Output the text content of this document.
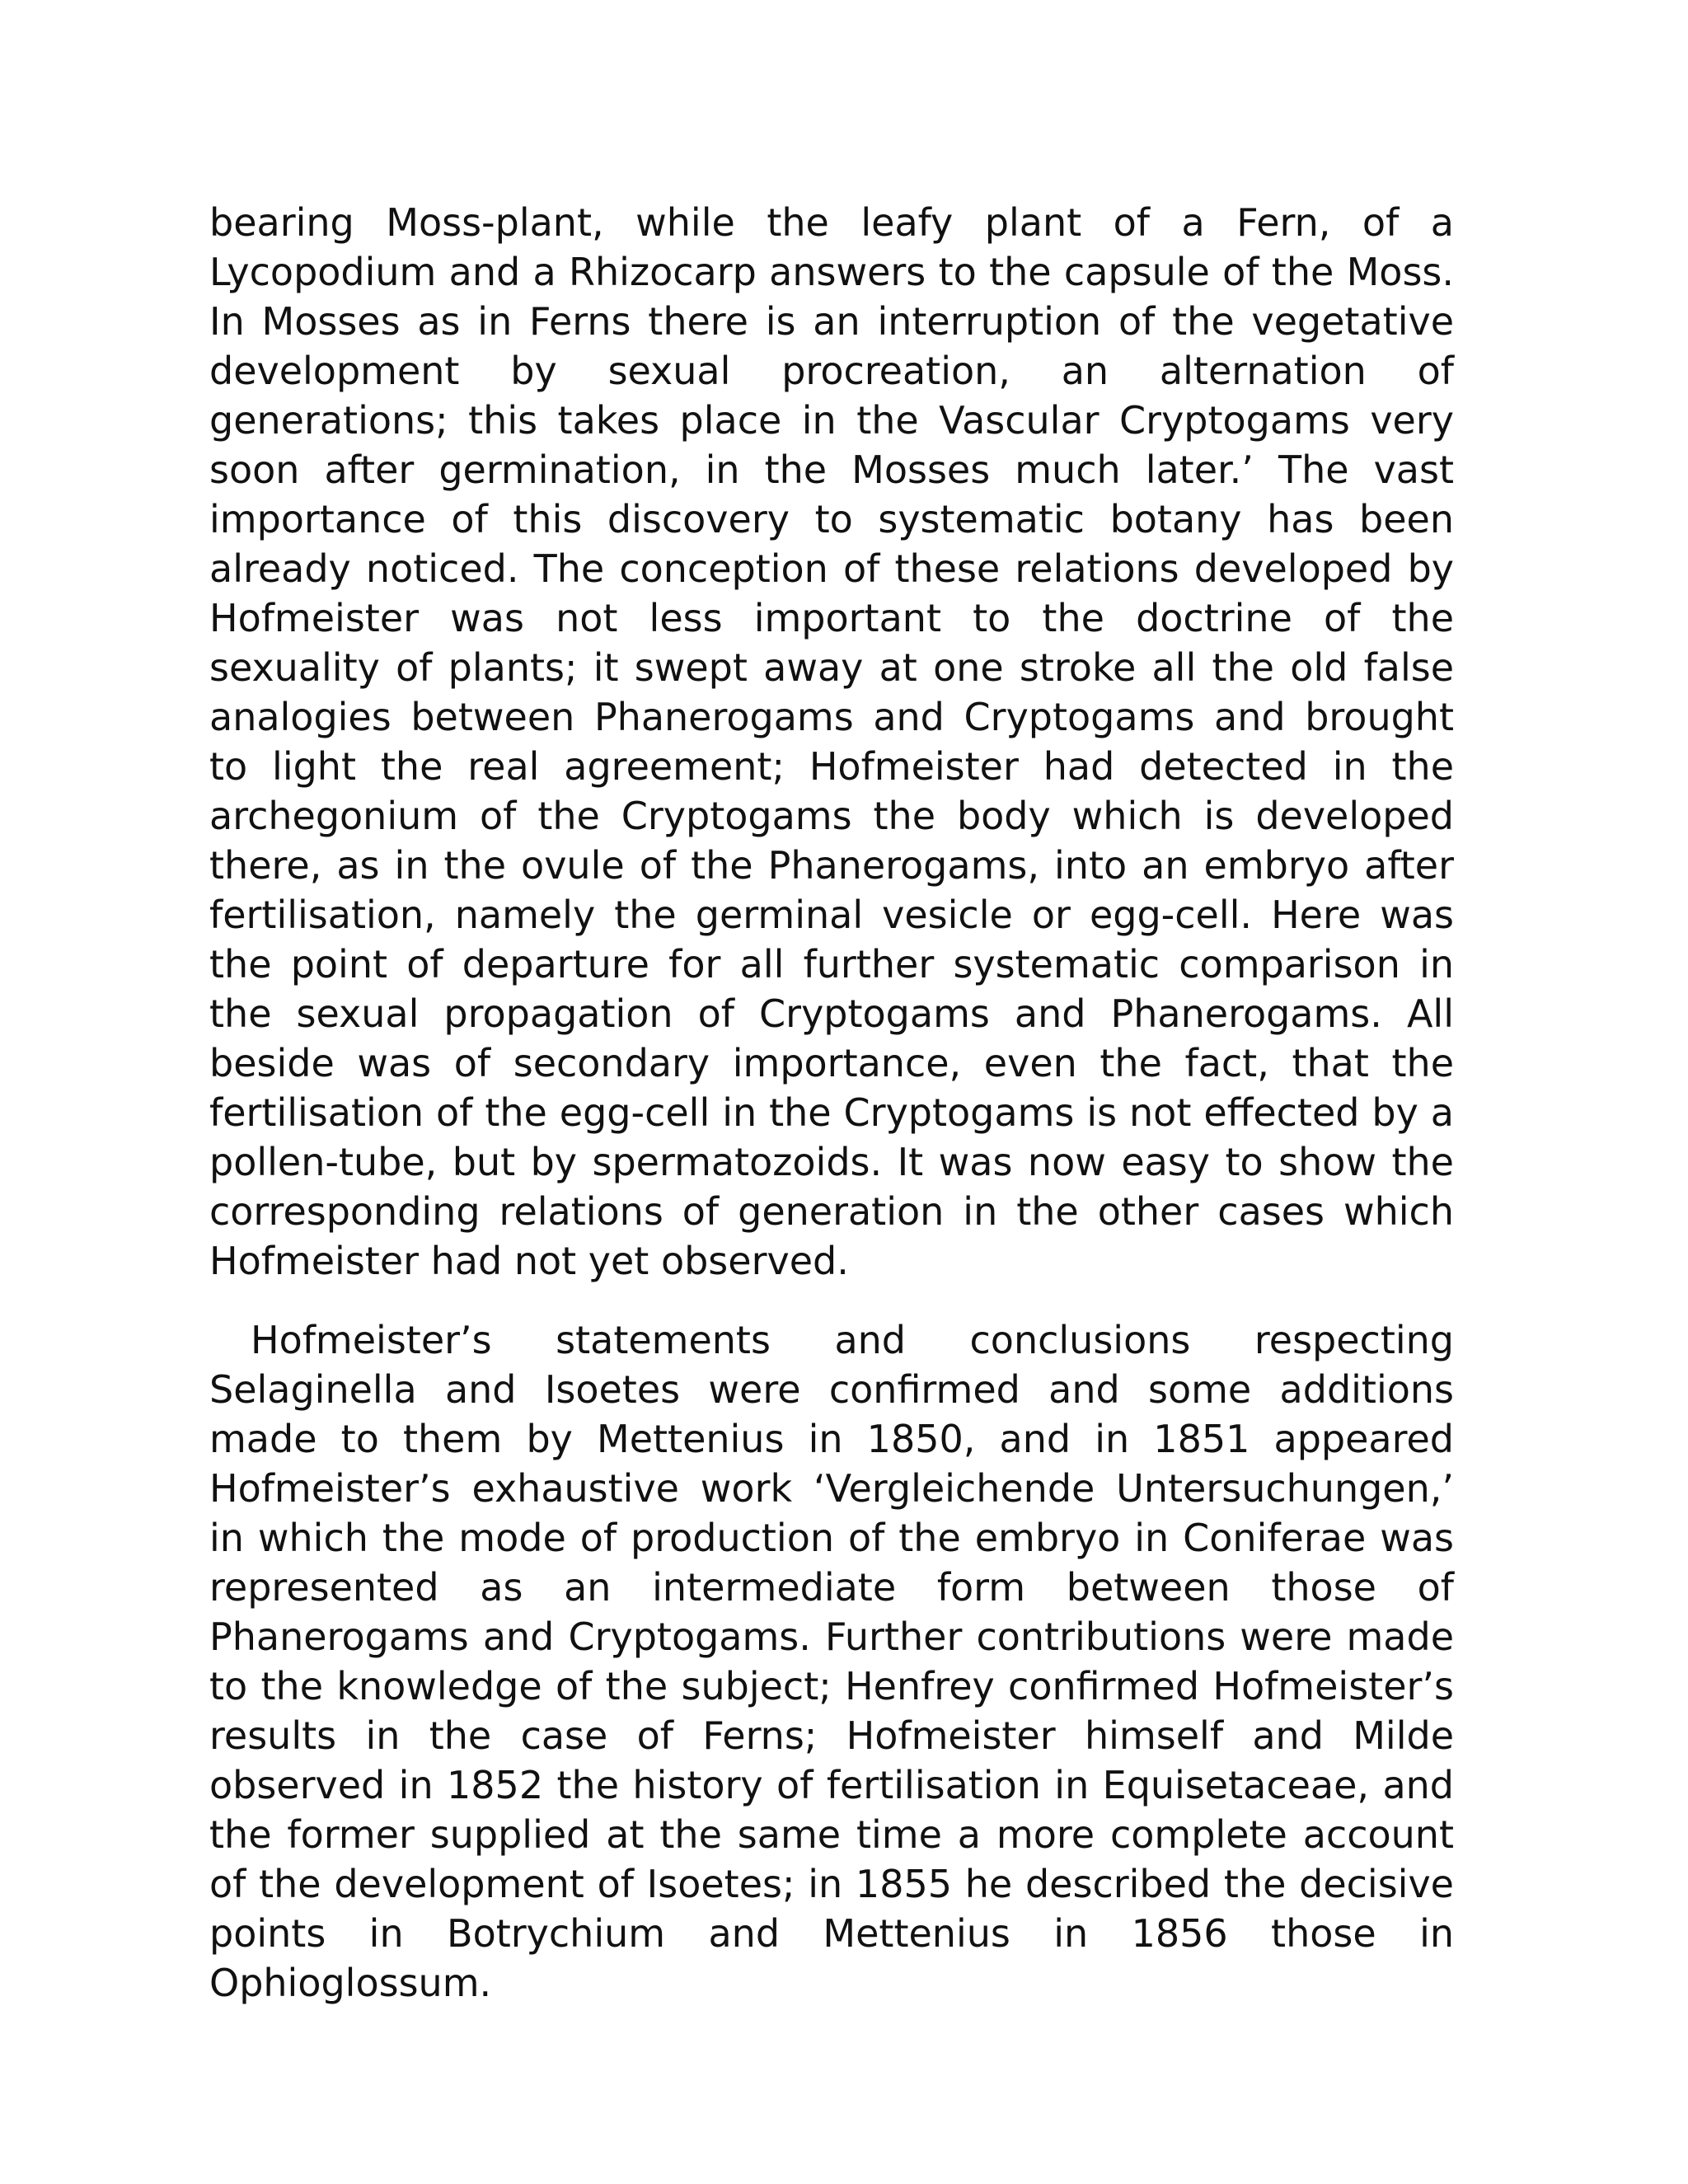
bearing Moss-plant, while the leafy plant of a Fern, of a Lycopodium and a Rhizocarp answers to the capsule of the Moss. In Mosses as in Ferns there is an interruption of the vegetative development by sexual procreation, an alternation of generations; this takes place in the Vascular Cryptogams very soon after germination, in the Mosses much later.’ The vast importance of this discovery to systematic botany has been already noticed. The conception of these relations developed by Hofmeister was not less important to the doctrine of the sexuality of plants; it swept away at one stroke all the old false analogies between Phanerogams and Cryptogams and brought to light the real agreement; Hofmeister had detected in the archegonium of the Cryptogams the body which is developed there, as in the ovule of the Phanerogams, into an embryo after fertilisation, namely the germinal vesicle or egg-cell. Here was the point of departure for all further systematic comparison in the sexual propagation of Cryptogams and Phanerogams. All beside was of secondary importance, even the fact, that the fertilisation of the egg-cell in the Cryptogams is not effected by a pollen-tube, but by spermatozoids. It was now easy to show the corresponding relations of generation in the other cases which Hofmeister had not yet observed.

Hofmeister’s statements and conclusions respecting Selaginella and Isoetes were confirmed and some additions made to them by Mettenius in 1850, and in 1851 appeared Hofmeister’s exhaustive work ‘Vergleichende Untersuchungen,’ in which the mode of production of the embryo in Coniferae was represented as an intermediate form between those of Phanerogams and Cryptogams. Further contributions were made to the knowledge of the subject; Henfrey confirmed Hofmeister’s results in the case of Ferns; Hofmeister himself and Milde observed in 1852 the history of fertilisation in Equisetaceae, and the former supplied at the same time a more complete account of the development of Isoetes; in 1855 he described the decisive points in Botrychium and Mettenius in 1856 those in Ophioglossum.
